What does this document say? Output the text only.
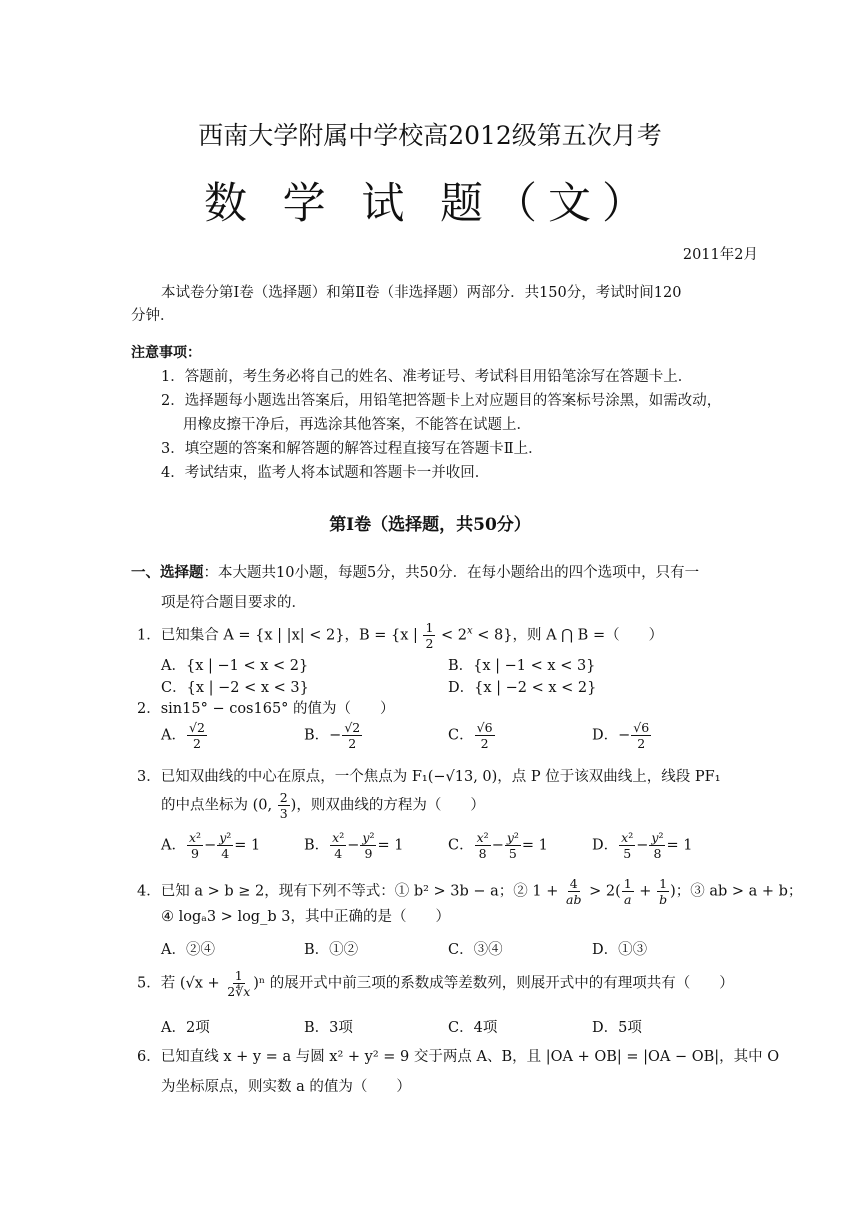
西南大学附属中学校高2012级第五次月考
数 学 试 题（文）
2011年2月
本试卷分第Ⅰ卷（选择题）和第Ⅱ卷（非选择题）两部分．共150分，考试时间120
分钟．
注意事项：
1．答题前，考生务必将自己的姓名、准考证号、考试科目用铅笔涂写在答题卡上．
2．选择题每小题选出答案后，用铅笔把答题卡上对应题目的答案标号涂黑，如需改动，
用橡皮擦干净后，再选涂其他答案，不能答在试题上．
3．填空题的答案和解答题的解答过程直接写在答题卡Ⅱ上．
4．考试结束，监考人将本试题和答题卡一并收回．
第Ⅰ卷（选择题，共50分）
一、选择题：本大题共10小题，每题5分，共50分．在每小题给出的四个选项中，只有一
项是符合题目要求的．
1．已知集合 A = {x | |x| < 2}，B = {x | $\frac{1}{2} < 2^x < 8$}，则 A ⋂ B =（　　）
A．{x | −1 < x < 2}	B．{x | −1 < x < 3}
C．{x | −2 < x < 3}	D．{x | −2 < x < 2}
2．sin15° − cos165° 的值为（　　）
A． $\frac{√2}{2}$	B．− $\frac{√2}{2}$	C． $\frac{√6}{2}$	D．− $\frac{√6}{2}$
3．已知双曲线的中心在原点，一个焦点为 F₁(−√13, 0)，点 P 位于该双曲线上，线段 PF₁
的中点坐标为 (0, $\frac{2}{3}$ )，则双曲线的方程为（　　）
A． $\frac{\text{x²}}{9} - \frac{\text{y²}}{4} = 1$	B． $\frac{\text{x²}}{4} - \frac{\text{y²}}{9} = 1$	C． $\frac{\text{x²}}{8} - \frac{\text{y²}}{5} = 1$	D． $\frac{\text{x²}}{5} - \frac{\text{y²}}{8} = 1$
4．已知 a > b ≥ 2，现有下列不等式：① b² > 3b − a；② $1 + \frac{4}{ab} > 2( \frac{1}{a} + \frac{1}{b}$ )；③ ab > a + b；
④ logₐ3 > log_b 3，其中正确的是（　　）
A．②④	B．①②	C．③④	D．①③
5．若 $(√x + \frac{1}{2∜x} )^n$ 的展开式中前三项的系数成等差数列，则展开式中的有理项共有（　　）
A．2项	B．3项	C．4项	D．5项
6．已知直线 x + y = a 与圆 x² + y² = 9 交于两点 A、B，且 |OA + OB| = |OA − OB|，其中 O
为坐标原点，则实数 a 的值为（　　）
